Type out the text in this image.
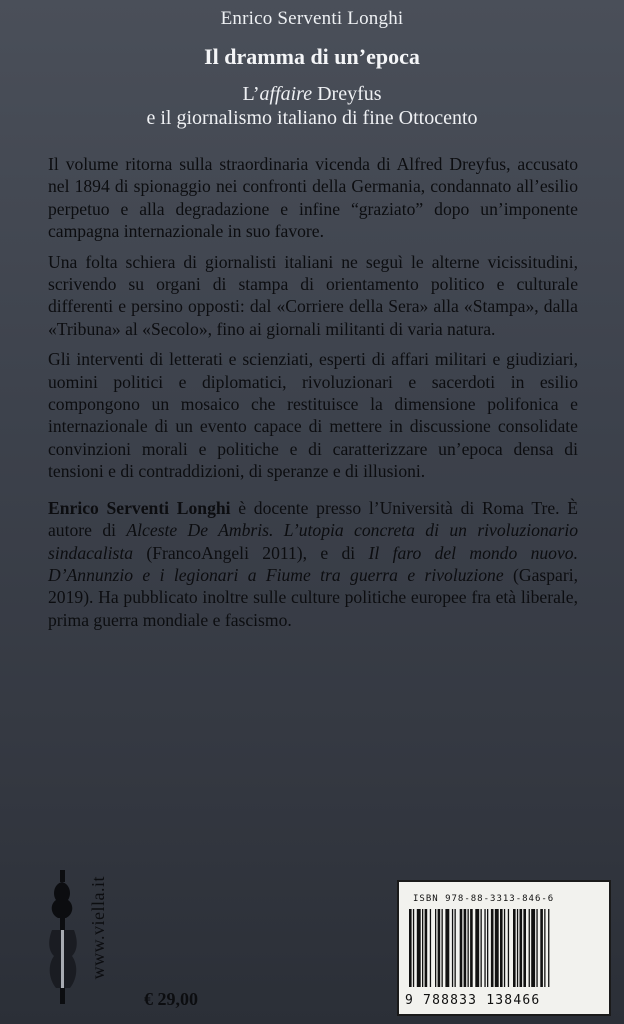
Enrico Serventi Longhi
Il dramma di un’epoca
L’affaire Dreyfus
e il giornalismo italiano di fine Ottocento

Il volume ritorna sulla straordinaria vicenda di Alfred Dreyfus, accusato nel 1894 di spionaggio nei confronti della Germania, condannato all’esilio perpetuo e alla degradazione e infine “graziato” dopo un’imponente campagna internazionale in suo favore.

Una folta schiera di giornalisti italiani ne seguì le alterne vicissitudini, scrivendo su organi di stampa di orientamento politico e culturale differenti e persino opposti: dal «Corriere della Sera» alla «Stampa», dalla «Tribuna» al «Secolo», fino ai giornali militanti di varia natura.

Gli interventi di letterati e scienziati, esperti di affari militari e giudiziari, uomini politici e diplomatici, rivoluzionari e sacerdoti in esilio compongono un mosaico che restituisce la dimensione polifonica e internazionale di un evento capace di mettere in discussione consolidate convinzioni morali e politiche e di caratterizzare un’epoca densa di tensioni e di contraddizioni, di speranze e di illusioni.

Enrico Serventi Longhi è docente presso l’Università di Roma Tre. È autore di Alceste De Ambris. L’utopia concreta di un rivoluzionario sindacalista (FrancoAngeli 2011), e di Il faro del mondo nuovo. D’Annunzio e i legionari a Fiume tra guerra e rivoluzione (Gaspari, 2019). Ha pubblicato inoltre sulle culture politiche europee fra età liberale, prima guerra mondiale e fascismo.

www.viella.it
€ 29,00
ISBN 978-88-3313-846-6
9 788833 138466
